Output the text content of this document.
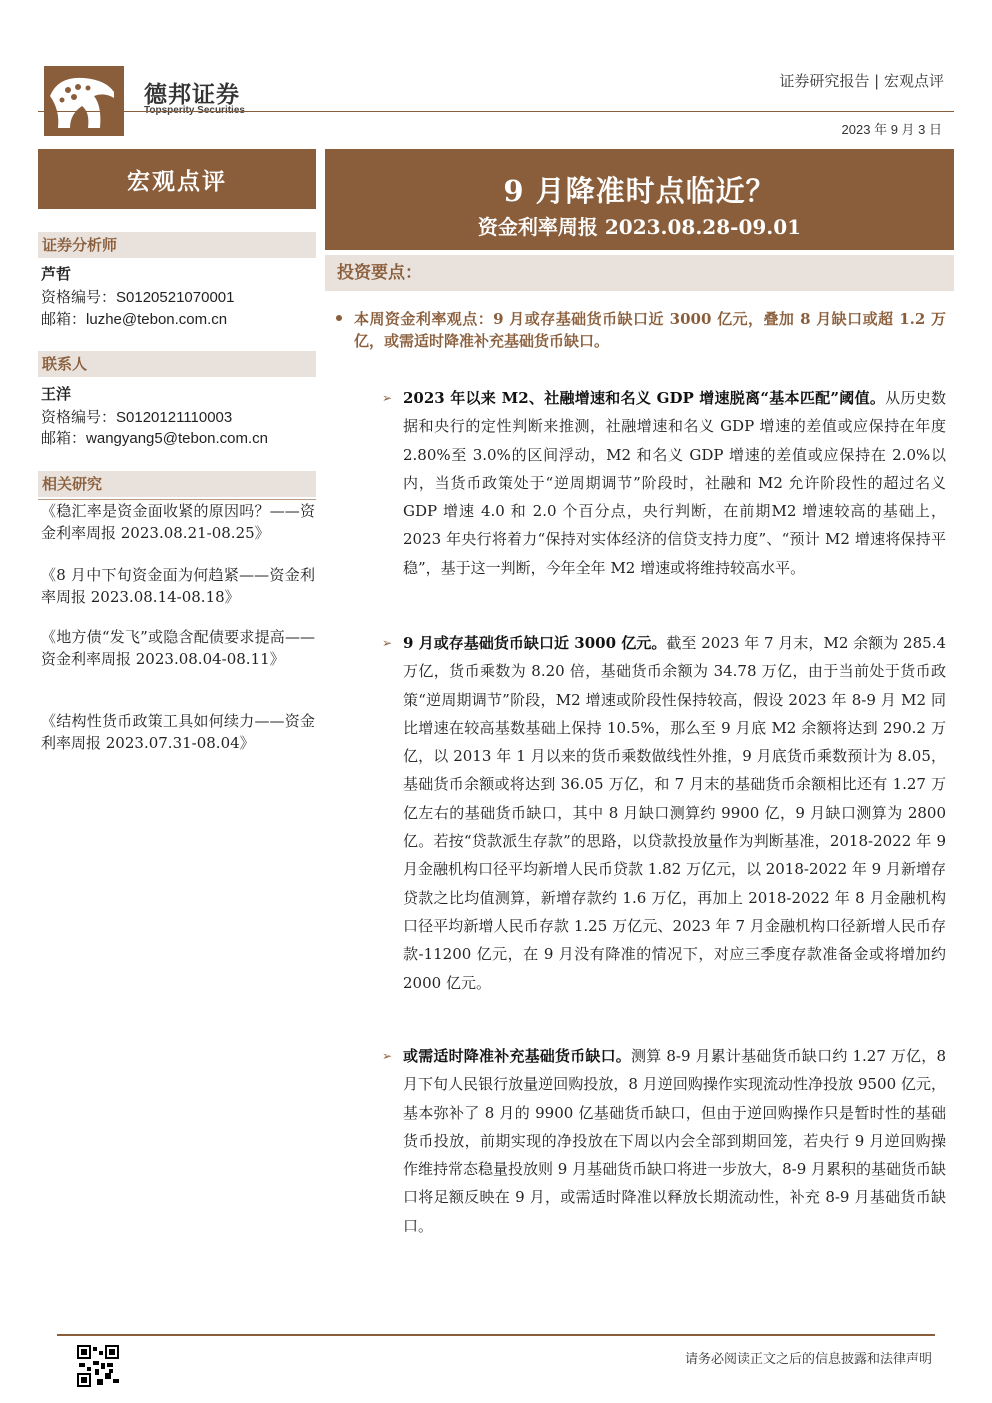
德邦证券
证券研究报告 | 宏观点评
2023 年 9 月 3 日
宏观点评	9 月降准时点临近？
资金利率周报 2023.08.28-09.01
证券分析师
芦哲
资格编号：S0120521070001
邮箱：luzhe@tebon.com.cn
联系人
王洋
资格编号：S0120121110003
邮箱：wangyang5@tebon.com.cn
相关研究
《稳汇率是资金面收紧的原因吗？——资金利率周报 2023.08.21-08.25》
《8 月中下旬资金面为何趋紧——资金利率周报 2023.08.14-08.18》
《地方债“发飞”或隐含配债要求提高——资金利率周报 2023.08.04-08.11》
《结构性货币政策工具如何续力——资金利率周报 2023.07.31-08.04》
投资要点：
本周资金利率观点：9 月或存基础货币缺口近 3000 亿元，叠加 8 月缺口或超 1.2 万亿，或需适时降准补充基础货币缺口。
➢ 2023 年以来 M2、社融增速和名义 GDP 增速脱离“基本匹配”阈值。从历史数据和央行的定性判断来推测，社融增速和名义 GDP 增速的差值或应保持在年度 2.80%至 3.0%的区间浮动，M2 和名义 GDP 增速的差值或应保持在 2.0%以内，当货币政策处于“逆周期调节”阶段时，社融和 M2 允许阶段性的超过名义 GDP 增速 4.0 和 2.0 个百分点，央行判断，在前期M2 增速较高的基础上，2023 年央行将着力“保持对实体经济的信贷支持力度”、“预计 M2 增速将保持平稳”，基于这一判断，今年全年 M2 增速或将维持较高水平。
➢ 9 月或存基础货币缺口近 3000 亿元。截至 2023 年 7 月末，M2 余额为 285.4 万亿，货币乘数为 8.20 倍，基础货币余额为 34.78 万亿，由于当前处于货币政策“逆周期调节”阶段，M2 增速或阶段性保持较高，假设 2023 年 8-9 月 M2 同比增速在较高基数基础上保持 10.5%，那么至 9 月底 M2 余额将达到 290.2 万亿，以 2013 年 1 月以来的货币乘数做线性外推，9 月底货币乘数预计为 8.05，基础货币余额或将达到 36.05 万亿，和 7 月末的基础货币余额相比还有 1.27 万亿左右的基础货币缺口，其中 8 月缺口测算约 9900 亿，9 月缺口测算为 2800 亿。若按“贷款派生存款”的思路，以贷款投放量作为判断基准，2018-2022 年 9 月金融机构口径平均新增人民币贷款 1.82 万亿元，以 2018-2022 年 9 月新增存贷款之比均值测算，新增存款约 1.6 万亿，再加上 2018-2022 年 8 月金融机构口径平均新增人民币存款 1.25 万亿元、2023 年 7 月金融机构口径新增人民币存款-11200 亿元，在 9 月没有降准的情况下，对应三季度存款准备金或将增加约 2000 亿元。
➢ 或需适时降准补充基础货币缺口。测算 8-9 月累计基础货币缺口约 1.27 万亿，8 月下旬人民银行放量逆回购投放，8 月逆回购操作实现流动性净投放 9500 亿元，基本弥补了 8 月的 9900 亿基础货币缺口，但由于逆回购操作只是暂时性的基础货币投放，前期实现的净投放在下周以内会全部到期回笼，若央行 9 月逆回购操作维持常态稳量投放则 9 月基础货币缺口将进一步放大，8-9 月累积的基础货币缺口将足额反映在 9 月，或需适时降准以释放长期流动性，补充 8-9 月基础货币缺口。
请务必阅读正文之后的信息披露和法律声明
